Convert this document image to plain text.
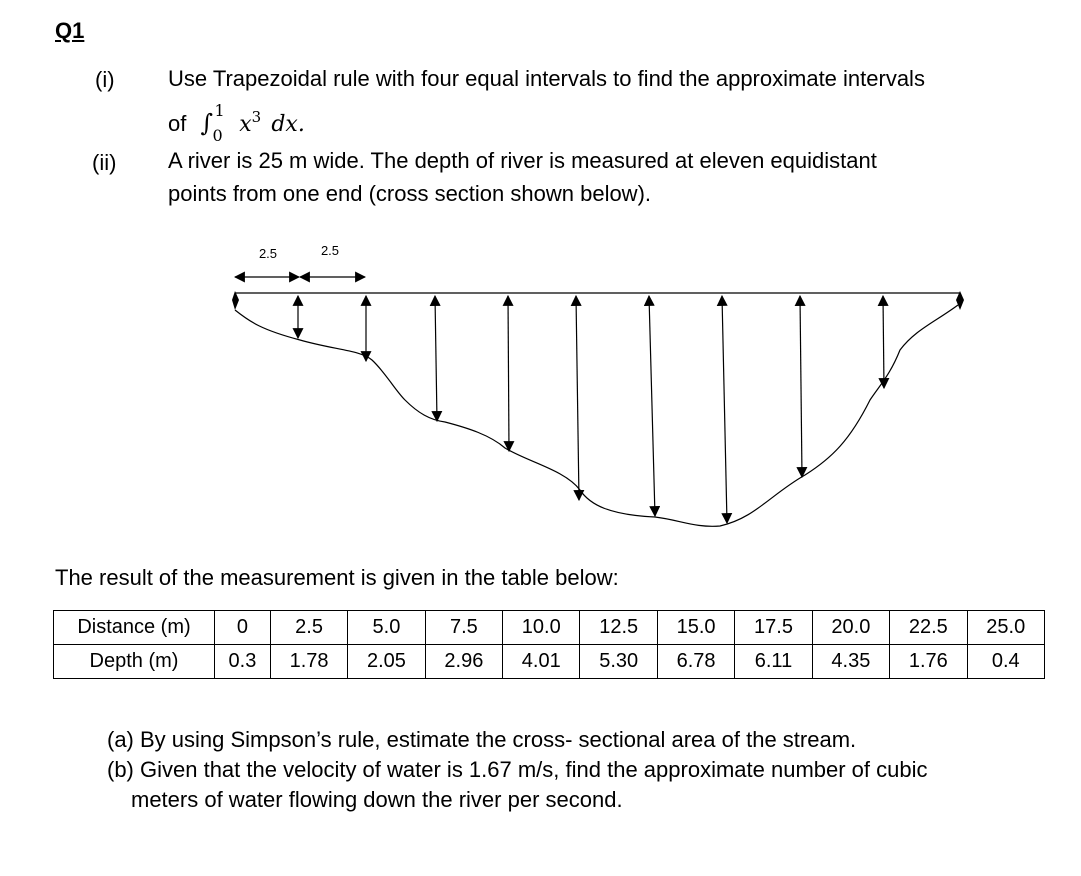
Q1
(i) Use Trapezoidal rule with four equal intervals to find the approximate intervals
of ∫ 1
0 $x^3$ dx.
(ii) A river is 25 m wide. The depth of river is measured at eleven equidistant
points from one end (cross section shown below).
2.5	2.5
The result of the measurement is given in the table below:
Distance (m)	0	2.5	5.0	7.5	10.0	12.5	15.0	17.5	20.0	22.5	25.0
Depth (m)	0.3	1.78	2.05	2.96	4.01	5.30	6.78	6.11	4.35	1.76	0.4
(a) By using Simpson’s rule, estimate the cross- sectional area of the stream.
(b) Given that the velocity of water is 1.67 m/s, find the approximate number of cubic
meters of water flowing down the river per second.
